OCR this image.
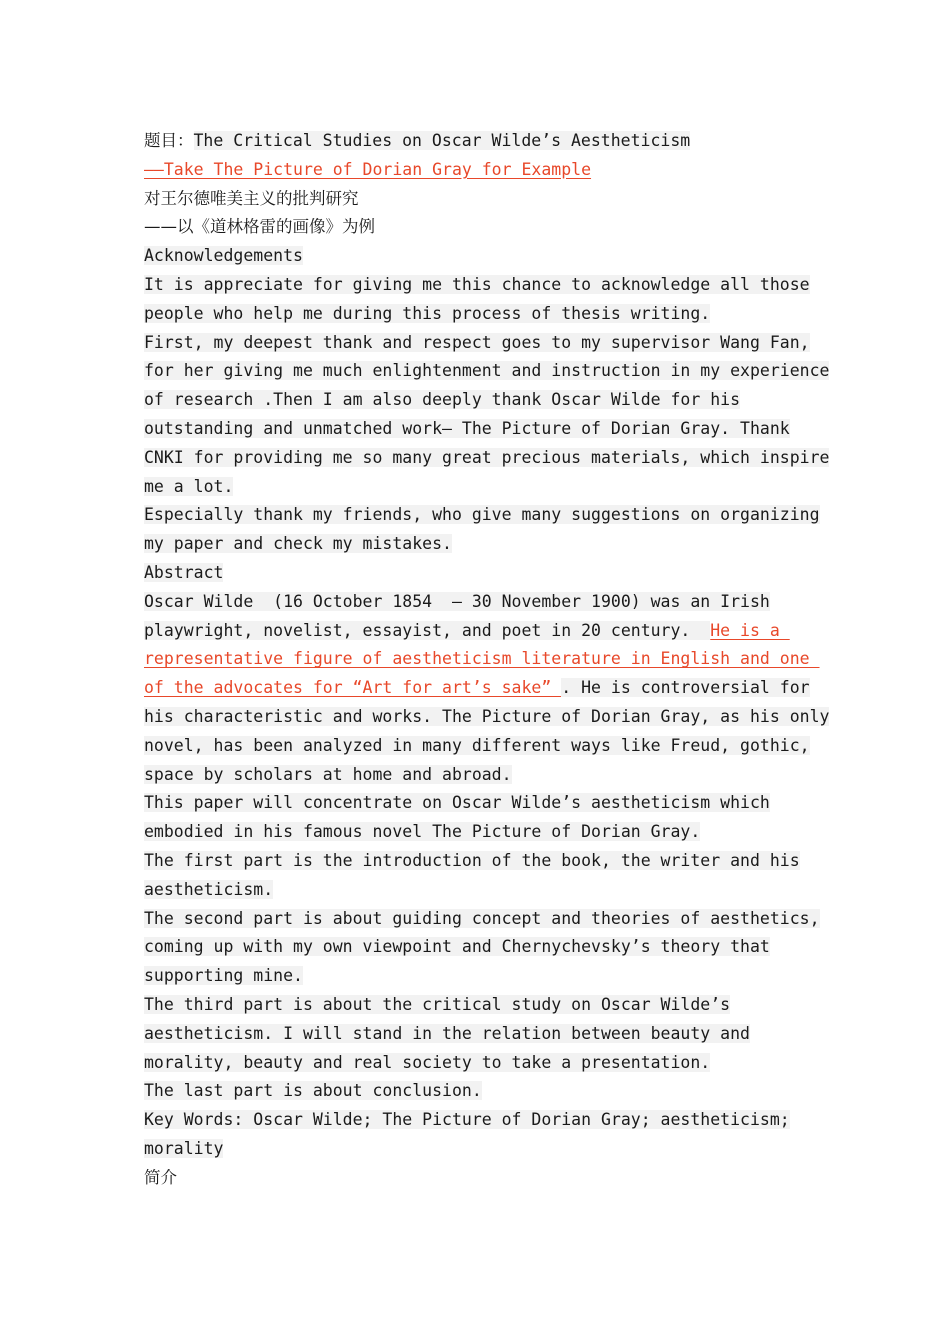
题目：The Critical Studies on Oscar Wilde’s Aestheticism
——Take The Picture of Dorian Gray for Example
对王尔德唯美主义的批判研究
——以《道林格雷的画像》为例
Acknowledgements
It is appreciate for giving me this chance to acknowledge all those
people who help me during this process of thesis writing.
First, my deepest thank and respect goes to my supervisor Wang Fan,
for her giving me much enlightenment and instruction in my experience
of research .Then I am also deeply thank Oscar Wilde for his
outstanding and unmatched work— The Picture of Dorian Gray. Thank
CNKI for providing me so many great precious materials, which inspire
me a lot.
Especially thank my friends, who give many suggestions on organizing
my paper and check my mistakes.
Abstract
Oscar Wilde  (16 October 1854  – 30 November 1900) was an Irish
playwright, novelist, essayist, and poet in 20 century.  He is a
representative figure of aestheticism literature in English and one
of the advocates for “Art for art’s sake” . He is controversial for
his characteristic and works. The Picture of Dorian Gray, as his only
novel, has been analyzed in many different ways like Freud, gothic,
space by scholars at home and abroad.
This paper will concentrate on Oscar Wilde’s aestheticism which
embodied in his famous novel The Picture of Dorian Gray.
The first part is the introduction of the book, the writer and his
aestheticism.
The second part is about guiding concept and theories of aesthetics,
coming up with my own viewpoint and Chernychevsky’s theory that
supporting mine.
The third part is about the critical study on Oscar Wilde’s
aestheticism. I will stand in the relation between beauty and
morality, beauty and real society to take a presentation.
The last part is about conclusion.
Key Words: Oscar Wilde; The Picture of Dorian Gray; aestheticism;
morality
简介
